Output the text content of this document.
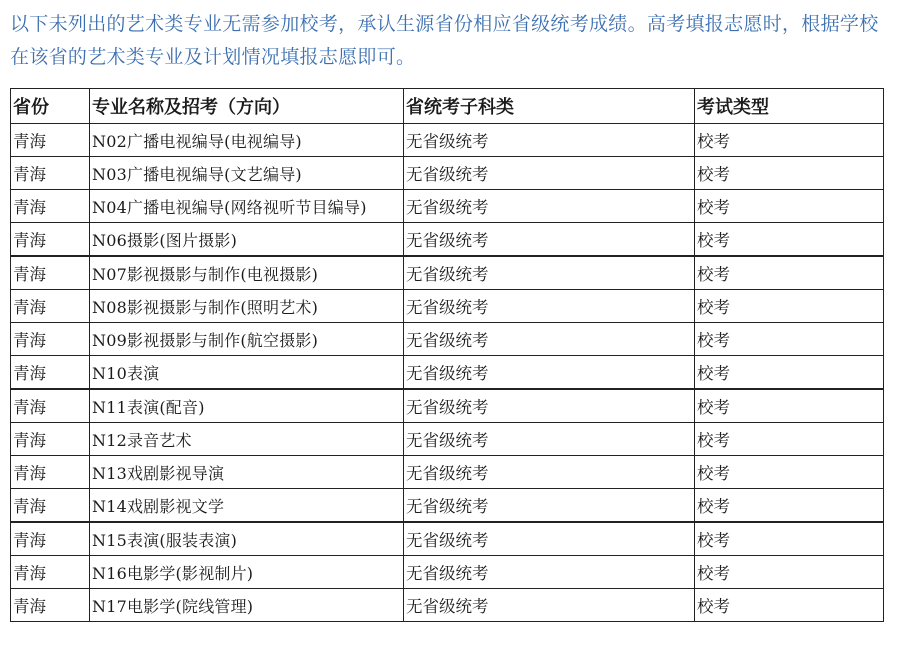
以下未列出的艺术类专业无需参加校考，承认生源省份相应省级统考成绩。高考填报志愿时，根据学校在该省的艺术类专业及计划情况填报志愿即可。
省份	专业名称及招考（方向）	省统考子科类	考试类型
青海	N02广播电视编导(电视编导)	无省级统考	校考
青海	N03广播电视编导(文艺编导)	无省级统考	校考
青海	N04广播电视编导(网络视听节目编导)	无省级统考	校考
青海	N06摄影(图片摄影)	无省级统考	校考
青海	N07影视摄影与制作(电视摄影)	无省级统考	校考
青海	N08影视摄影与制作(照明艺术)	无省级统考	校考
青海	N09影视摄影与制作(航空摄影)	无省级统考	校考
青海	N10表演	无省级统考	校考
青海	N11表演(配音)	无省级统考	校考
青海	N12录音艺术	无省级统考	校考
青海	N13戏剧影视导演	无省级统考	校考
青海	N14戏剧影视文学	无省级统考	校考
青海	N15表演(服装表演)	无省级统考	校考
青海	N16电影学(影视制片)	无省级统考	校考
青海	N17电影学(院线管理)	无省级统考	校考
